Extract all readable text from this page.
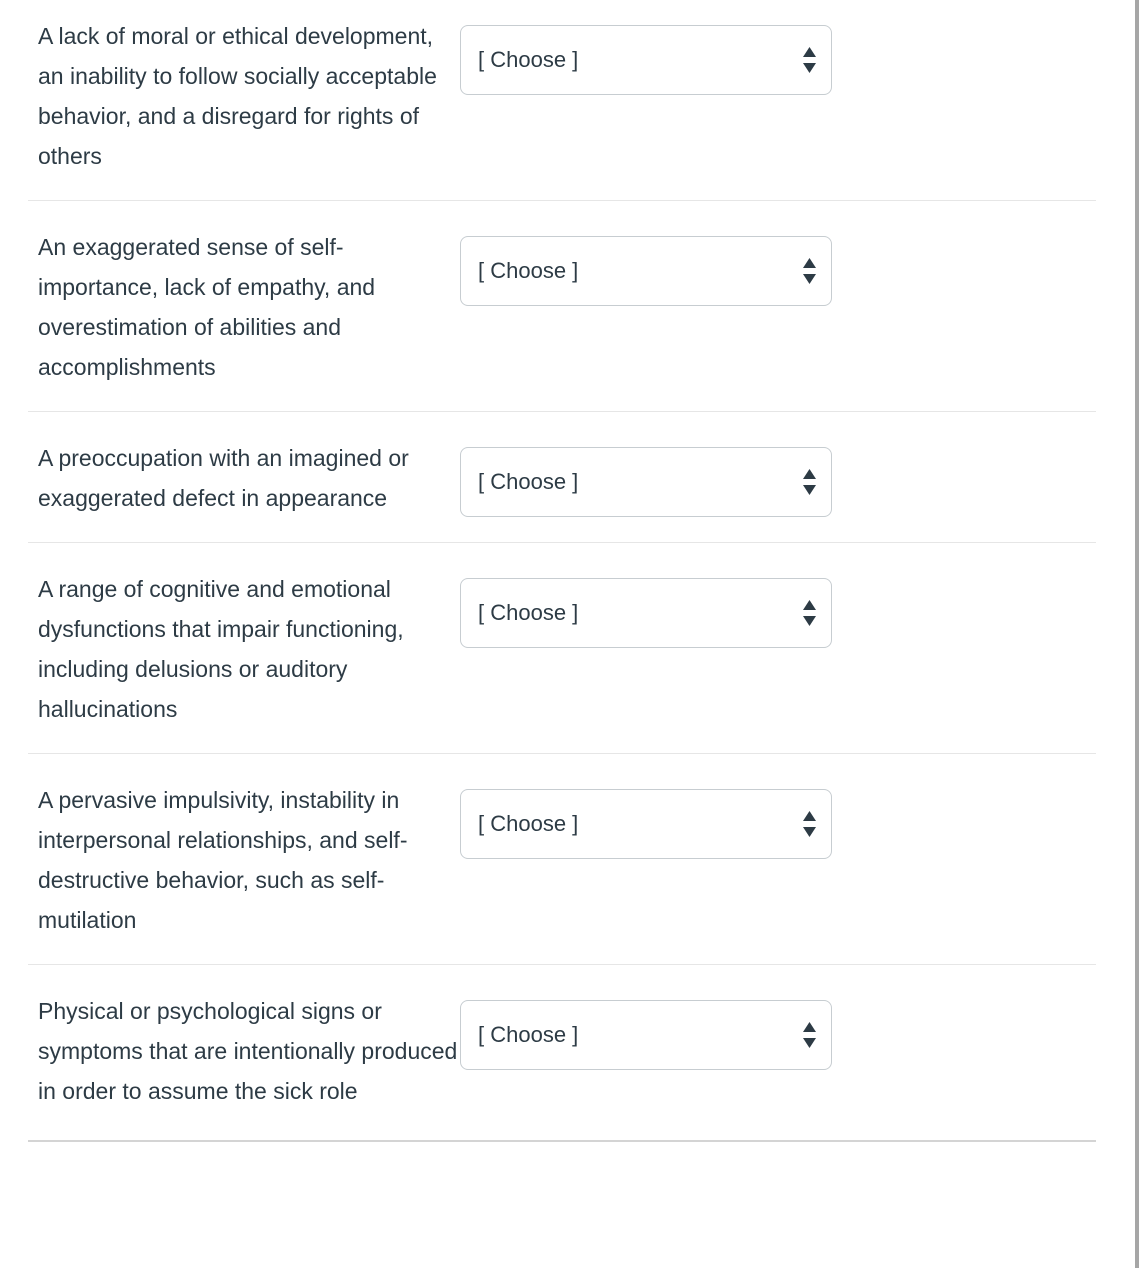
A lack of moral or ethical development, an inability to follow socially acceptable behavior, and a disregard for rights of others
[ Choose ]
An exaggerated sense of self-importance, lack of empathy, and overestimation of abilities and accomplishments
[ Choose ]
A preoccupation with an imagined or exaggerated defect in appearance
[ Choose ]
A range of cognitive and emotional dysfunctions that impair functioning, including delusions or auditory hallucinations
[ Choose ]
A pervasive impulsivity, instability in interpersonal relationships, and self-destructive behavior, such as self-mutilation
[ Choose ]
Physical or psychological signs or symptoms that are intentionally produced in order to assume the sick role
[ Choose ]
